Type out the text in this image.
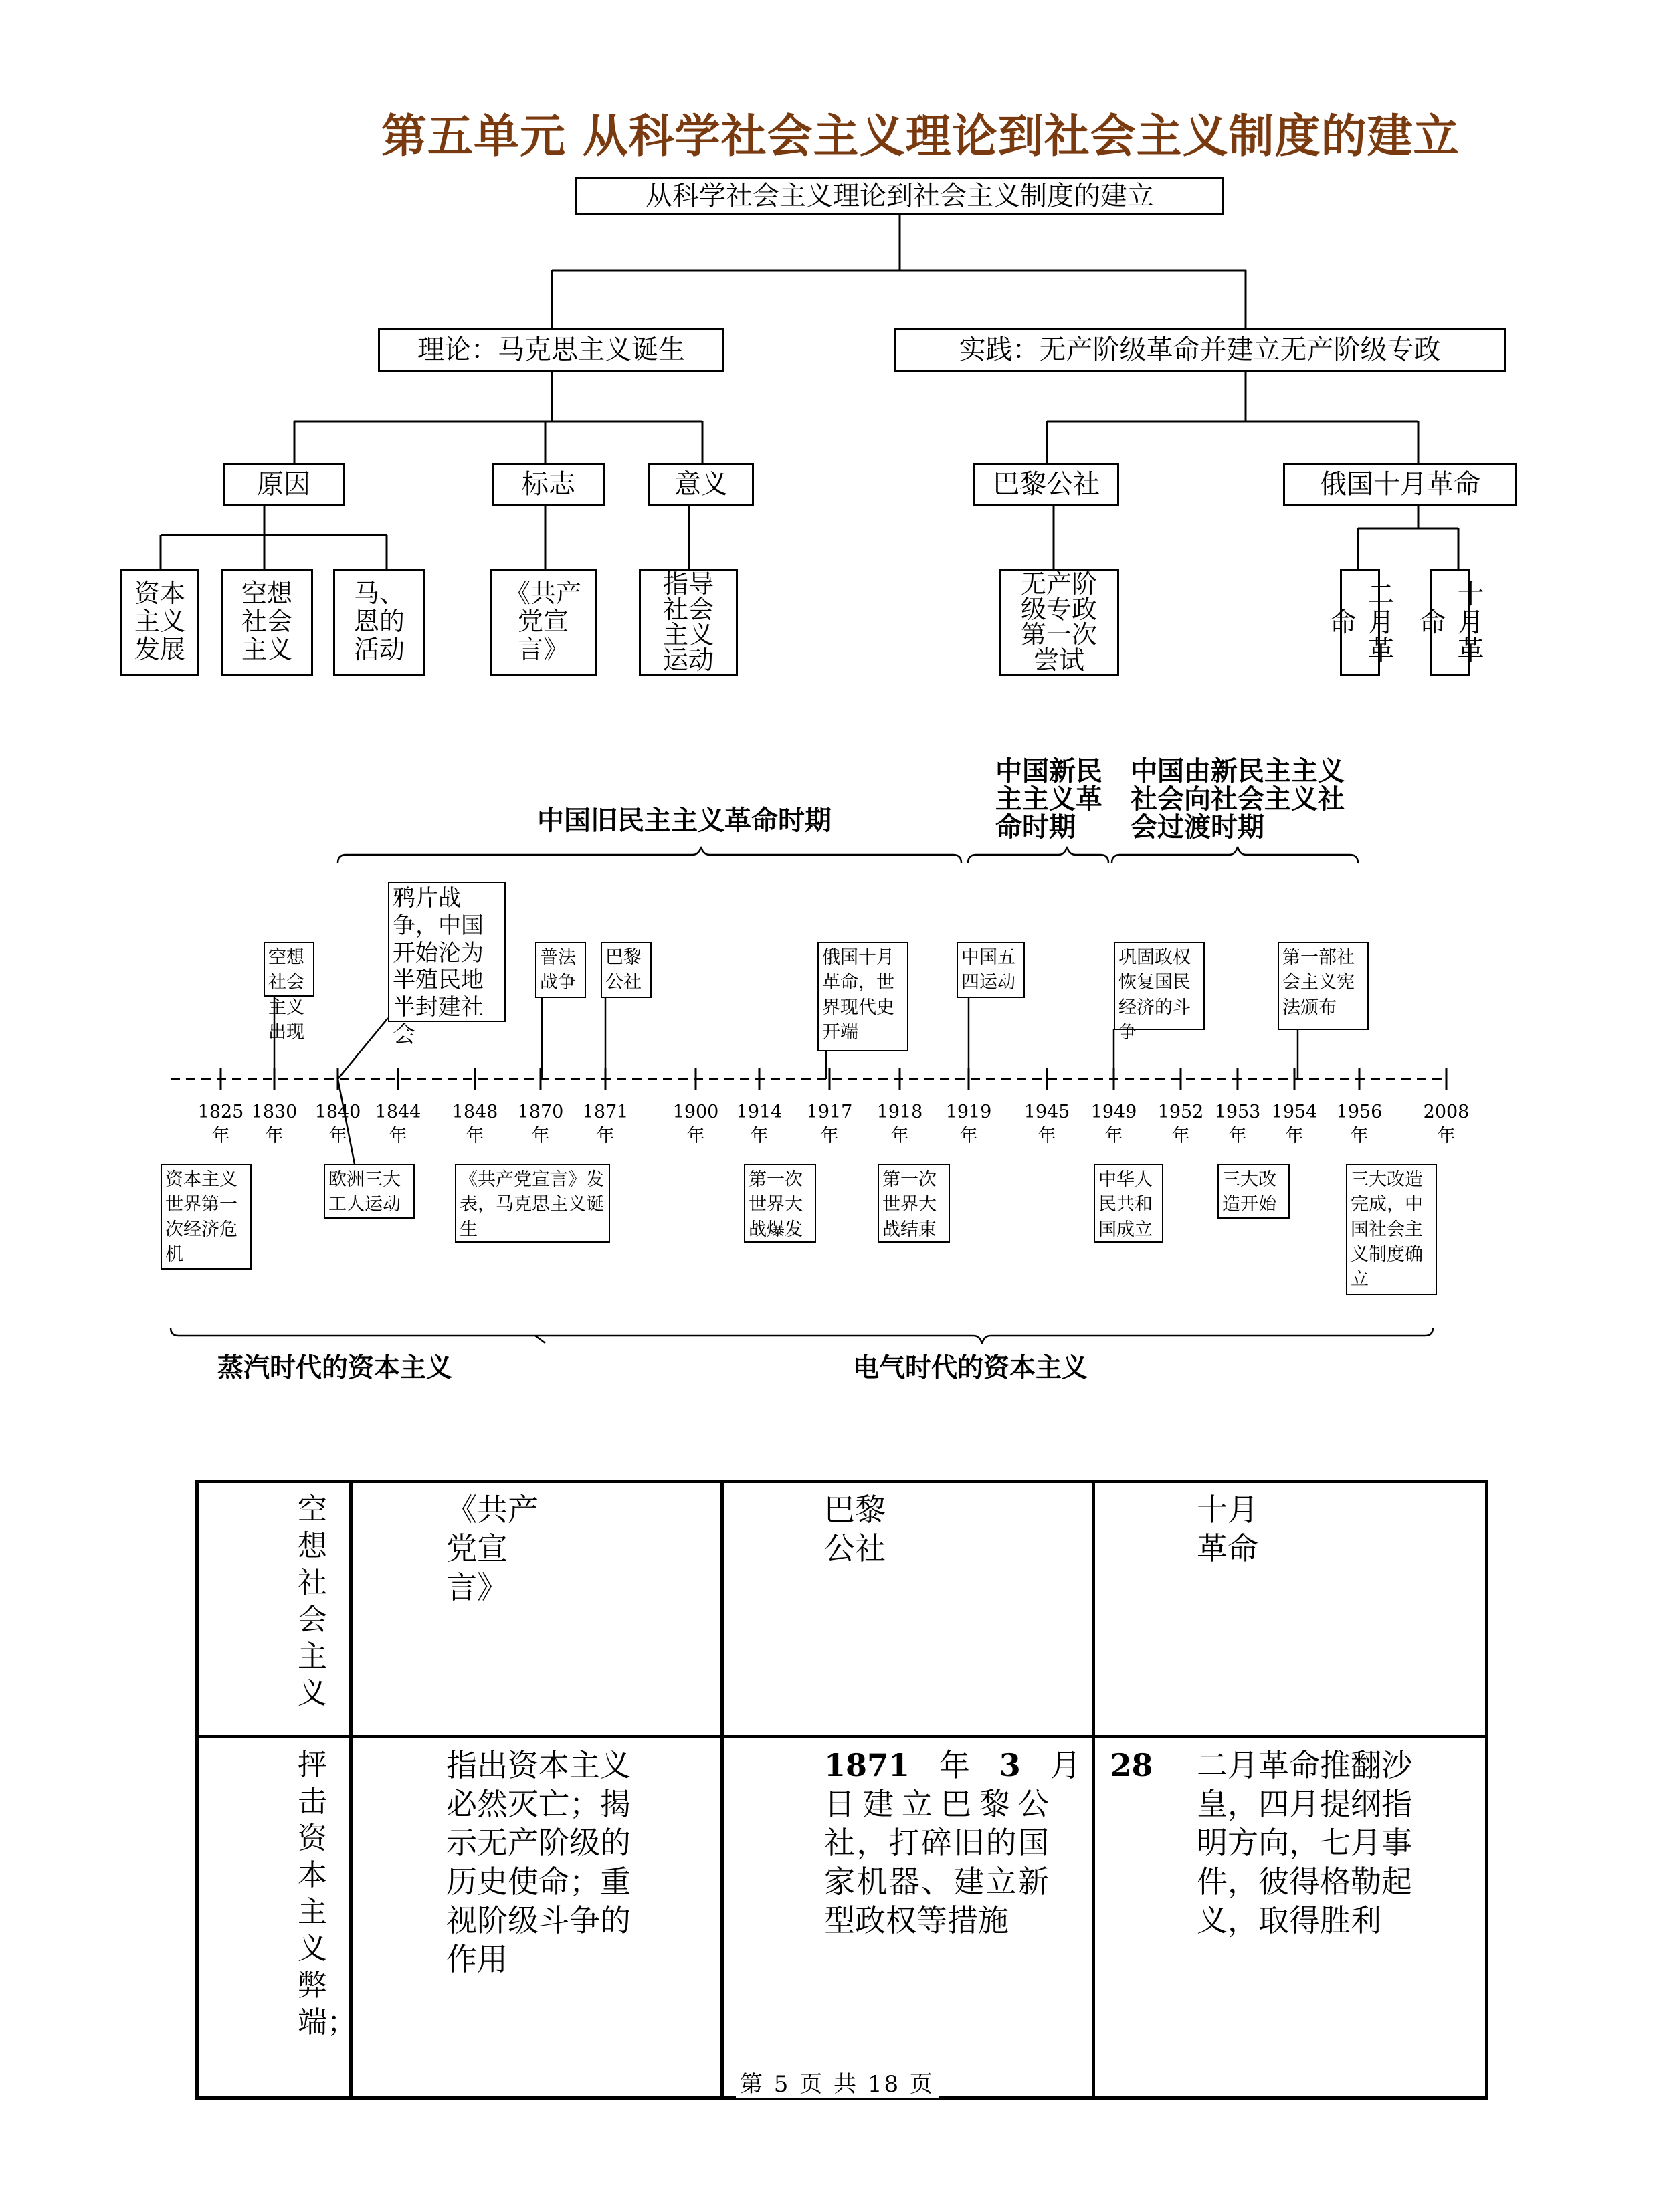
第五单元 从科学社会主义理论到社会主义制度的建立
从科学社会主义理论到社会主义制度的建立
理论：马克思主义诞生	实践：无产阶级革命并建立无产阶级专政
原因	标志	意义	巴黎公社	俄国十月革命
资本主义发展
空想社会主义
马、恩的活动
《共产党宣言》
指导社会主义运动
无产阶级专政第一次尝试	二月革命	十月革命
中国旧民主主义革命时期
中国新民主主义革命时期
中国由新民主主义社会向社会主义社会过渡时期
空想社会主义出现
鸦片战争，中国开始沦为半殖民地半封建社会
普法战争
巴黎公社
俄国十月革命，世界现代史开端
中国五四运动
巩固政权恢复国民经济的斗争
第一部社会主义宪法颁布
1825
年
1830
年
1840
年
1844
年
1848
年
1870
年
1871
年
1900
年
1914
年
1917
年
1918
年
1919
年
1945
年
1949
年
1952
年
1953
年
1954
年
1956
年
2008
年
资本主义世界第一次经济危机
欧洲三大工人运动
《共产党宣言》发表，马克思主义诞生
第一次世界大战爆发
第一次世界大战结束
中华人民共和国成立
三大改造开始
三大改造完成，中国社会主义制度确立
蒸汽时代的资本主义	电气时代的资本主义
空想社会主义	《共产党宣言》	巴黎公社	十月革命

抨击资本主义弊端；	指出资本主义必然灭亡；揭示无产阶级的历史使命；重视阶级斗争的作用	1871 年 3 月 28日建立巴黎公社，打碎旧的国家机器、建立新型政权等措施	二月革命推翻沙皇，四月提纲指明方向，七月事件，彼得格勒起义，取得胜利
第 5 页 共 18 页
